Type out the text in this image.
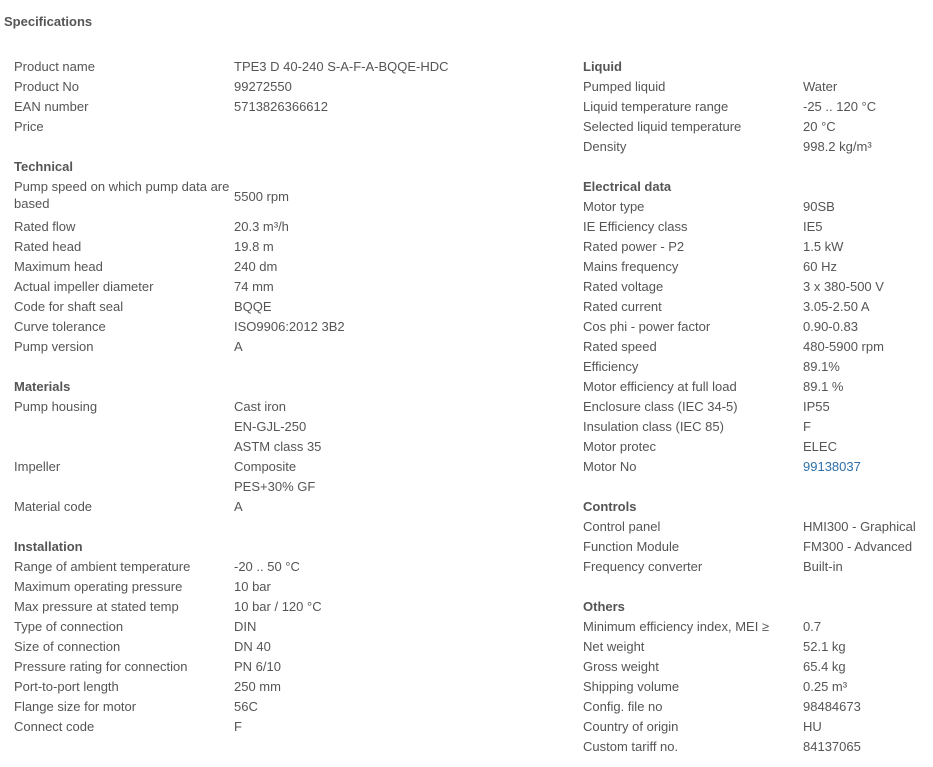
Specifications
Product name	TPE3 D 40-240 S-A-F-A-BQQE-HDC
Product No	99272550
EAN number	5713826366612
Price
Technical
Pump speed on which pump data are based	5500 rpm
Rated flow	20.3 m³/h
Rated head	19.8 m
Maximum head	240 dm
Actual impeller diameter	74 mm
Code for shaft seal	BQQE
Curve tolerance	ISO9906:2012 3B2
Pump version	A
Materials
Pump housing	Cast iron
EN-GJL-250
ASTM class 35
Impeller	Composite
PES+30% GF
Material code	A
Installation
Range of ambient temperature	-20 .. 50 °C
Maximum operating pressure	10 bar
Max pressure at stated temp	10 bar / 120 °C
Type of connection	DIN
Size of connection	DN 40
Pressure rating for connection	PN 6/10
Port-to-port length	250 mm
Flange size for motor	56C
Connect code	F
Liquid
Pumped liquid	Water
Liquid temperature range	-25 .. 120 °C
Selected liquid temperature	20 °C
Density	998.2 kg/m³
Electrical data
Motor type	90SB
IE Efficiency class	IE5
Rated power - P2	1.5 kW
Mains frequency	60 Hz
Rated voltage	3 x 380-500 V
Rated current	3.05-2.50 A
Cos phi - power factor	0.90-0.83
Rated speed	480-5900 rpm
Efficiency	89.1%
Motor efficiency at full load	89.1 %
Enclosure class (IEC 34-5)	IP55
Insulation class (IEC 85)	F
Motor protec	ELEC
Motor No	99138037
Controls
Control panel	HMI300 - Graphical
Function Module	FM300 - Advanced
Frequency converter	Built-in
Others
Minimum efficiency index, MEI ≥	0.7
Net weight	52.1 kg
Gross weight	65.4 kg
Shipping volume	0.25 m³
Config. file no	98484673
Country of origin	HU
Custom tariff no.	84137065
